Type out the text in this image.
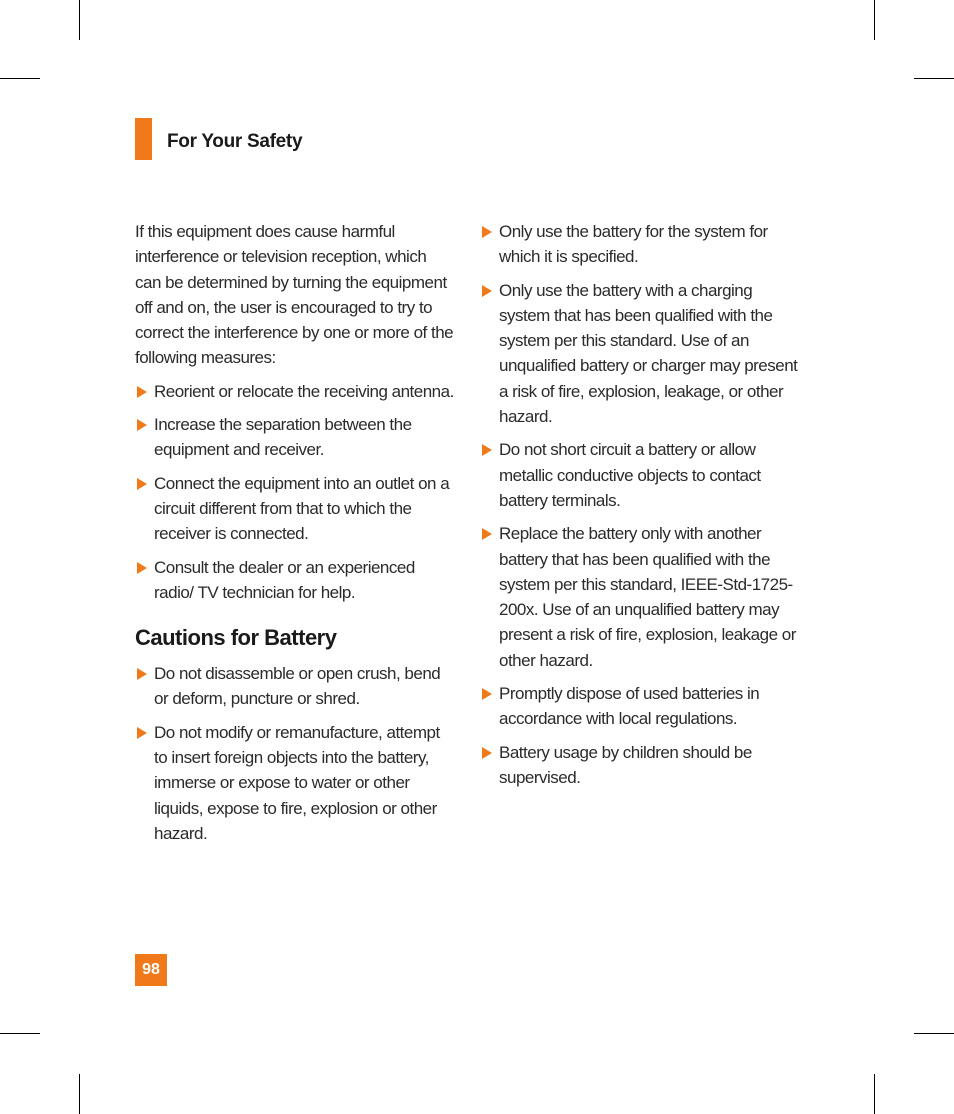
For Your Safety

If this equipment does cause harmful interference or television reception, which can be determined by turning the equipment off and on, the user is encouraged to try to correct the interference by one or more of the following measures:

Reorient or relocate the receiving antenna.
Increase the separation between the equipment and receiver.
Connect the equipment into an outlet on a circuit different from that to which the receiver is connected.
Consult the dealer or an experienced radio/ TV technician for help.
Cautions for Battery
Do not disassemble or open crush, bend or deform, puncture or shred.
Do not modify or remanufacture, attempt to insert foreign objects into the battery, immerse or expose to water or other liquids, expose to fire, explosion or other hazard.
Only use the battery for the system for which it is specified.
Only use the battery with a charging system that has been qualified with the system per this standard. Use of an unqualified battery or charger may present a risk of fire, explosion, leakage, or other hazard.
Do not short circuit a battery or allow metallic conductive objects to contact battery terminals.
Replace the battery only with another battery that has been qualified with the system per this standard, IEEE-Std-1725-200x. Use of an unqualified battery may present a risk of fire, explosion, leakage or other hazard.
Promptly dispose of used batteries in accordance with local regulations.
Battery usage by children should be supervised.
98
